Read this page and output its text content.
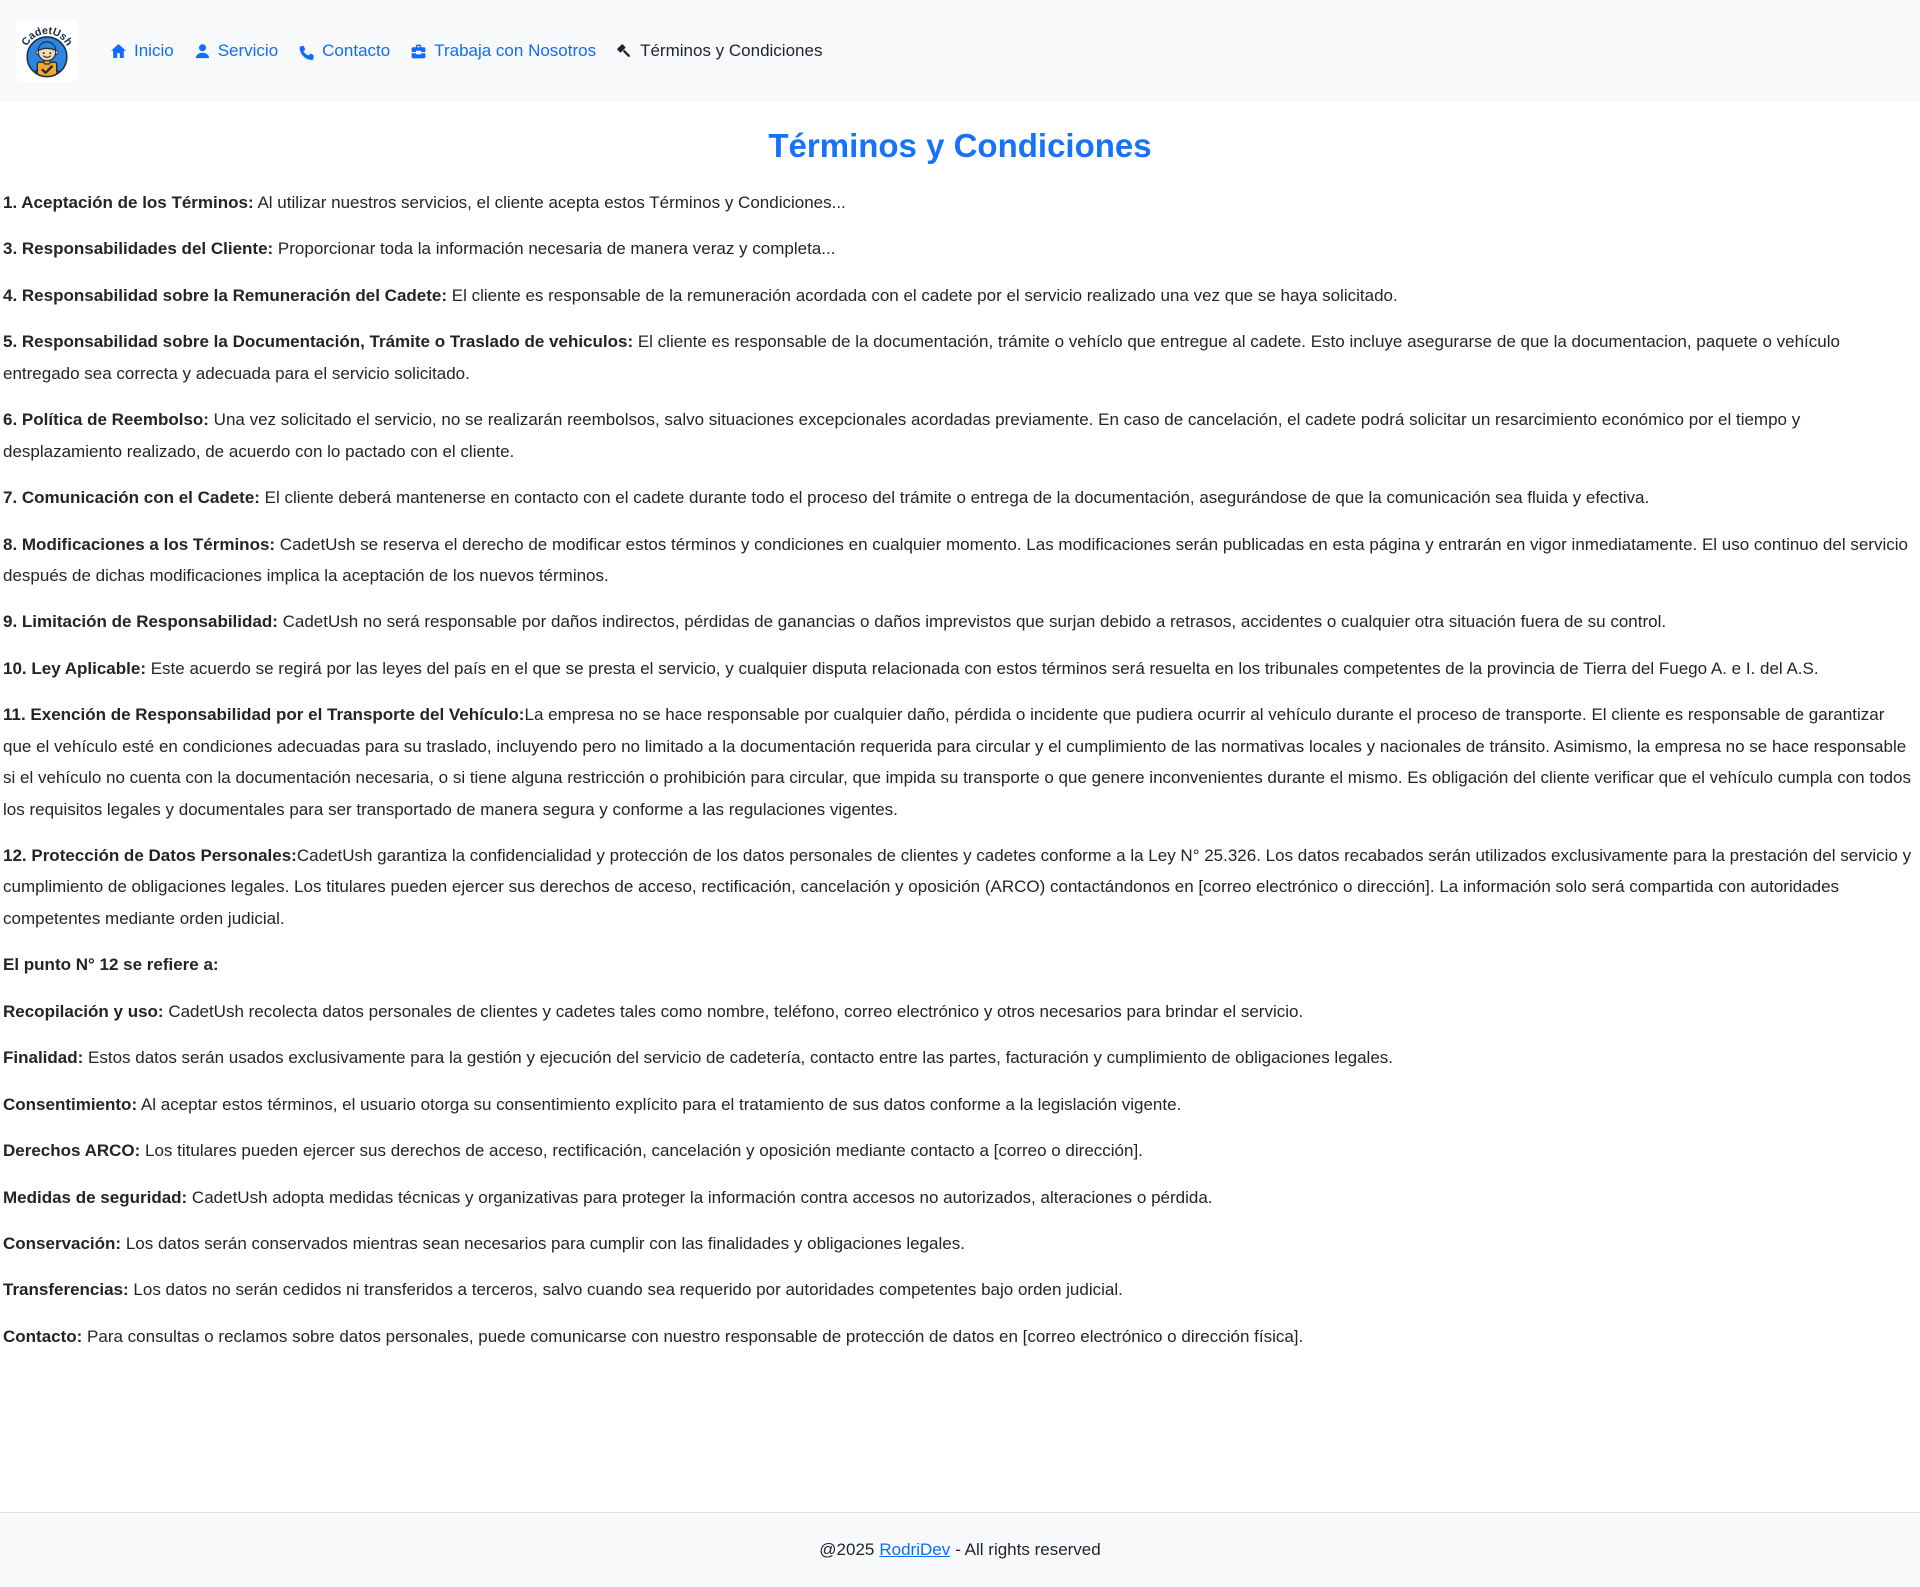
CadetUsh	Inicio	Servicio	Contacto	Trabaja con Nosotros	Términos y Condiciones
Términos y Condiciones

1. Aceptación de los Términos: Al utilizar nuestros servicios, el cliente acepta estos Términos y Condiciones...

3. Responsabilidades del Cliente: Proporcionar toda la información necesaria de manera veraz y completa...

4. Responsabilidad sobre la Remuneración del Cadete: El cliente es responsable de la remuneración acordada con el cadete por el servicio realizado una vez que se haya solicitado.

5. Responsabilidad sobre la Documentación, Trámite o Traslado de vehiculos: El cliente es responsable de la documentación, trámite o vehíclo que entregue al cadete. Esto incluye asegurarse de que la documentacion, paquete o vehículo entregado sea correcta y adecuada para el servicio solicitado.

6. Política de Reembolso: Una vez solicitado el servicio, no se realizarán reembolsos, salvo situaciones excepcionales acordadas previamente. En caso de cancelación, el cadete podrá solicitar un resarcimiento económico por el tiempo y desplazamiento realizado, de acuerdo con lo pactado con el cliente.

7. Comunicación con el Cadete: El cliente deberá mantenerse en contacto con el cadete durante todo el proceso del trámite o entrega de la documentación, asegurándose de que la comunicación sea fluida y efectiva.

8. Modificaciones a los Términos: CadetUsh se reserva el derecho de modificar estos términos y condiciones en cualquier momento. Las modificaciones serán publicadas en esta página y entrarán en vigor inmediatamente. El uso continuo del servicio después de dichas modificaciones implica la aceptación de los nuevos términos.

9. Limitación de Responsabilidad: CadetUsh no será responsable por daños indirectos, pérdidas de ganancias o daños imprevistos que surjan debido a retrasos, accidentes o cualquier otra situación fuera de su control.

10. Ley Aplicable: Este acuerdo se regirá por las leyes del país en el que se presta el servicio, y cualquier disputa relacionada con estos términos será resuelta en los tribunales competentes de la provincia de Tierra del Fuego A. e I. del A.S.

11. Exención de Responsabilidad por el Transporte del Vehículo:La empresa no se hace responsable por cualquier daño, pérdida o incidente que pudiera ocurrir al vehículo durante el proceso de transporte. El cliente es responsable de garantizar que el vehículo esté en condiciones adecuadas para su traslado, incluyendo pero no limitado a la documentación requerida para circular y el cumplimiento de las normativas locales y nacionales de tránsito. Asimismo, la empresa no se hace responsable si el vehículo no cuenta con la documentación necesaria, o si tiene alguna restricción o prohibición para circular, que impida su transporte o que genere inconvenientes durante el mismo. Es obligación del cliente verificar que el vehículo cumpla con todos los requisitos legales y documentales para ser transportado de manera segura y conforme a las regulaciones vigentes.

12. Protección de Datos Personales:CadetUsh garantiza la confidencialidad y protección de los datos personales de clientes y cadetes conforme a la Ley N° 25.326. Los datos recabados serán utilizados exclusivamente para la prestación del servicio y cumplimiento de obligaciones legales. Los titulares pueden ejercer sus derechos de acceso, rectificación, cancelación y oposición (ARCO) contactándonos en [correo electrónico o dirección]. La información solo será compartida con autoridades competentes mediante orden judicial.

El punto N° 12 se refiere a:

Recopilación y uso: CadetUsh recolecta datos personales de clientes y cadetes tales como nombre, teléfono, correo electrónico y otros necesarios para brindar el servicio.

Finalidad: Estos datos serán usados exclusivamente para la gestión y ejecución del servicio de cadetería, contacto entre las partes, facturación y cumplimiento de obligaciones legales.

Consentimiento: Al aceptar estos términos, el usuario otorga su consentimiento explícito para el tratamiento de sus datos conforme a la legislación vigente.

Derechos ARCO: Los titulares pueden ejercer sus derechos de acceso, rectificación, cancelación y oposición mediante contacto a [correo o dirección].

Medidas de seguridad: CadetUsh adopta medidas técnicas y organizativas para proteger la información contra accesos no autorizados, alteraciones o pérdida.

Conservación: Los datos serán conservados mientras sean necesarios para cumplir con las finalidades y obligaciones legales.

Transferencias: Los datos no serán cedidos ni transferidos a terceros, salvo cuando sea requerido por autoridades competentes bajo orden judicial.

Contacto: Para consultas o reclamos sobre datos personales, puede comunicarse con nuestro responsable de protección de datos en [correo electrónico o dirección física].

@2025 RodriDev - All rights reserved
